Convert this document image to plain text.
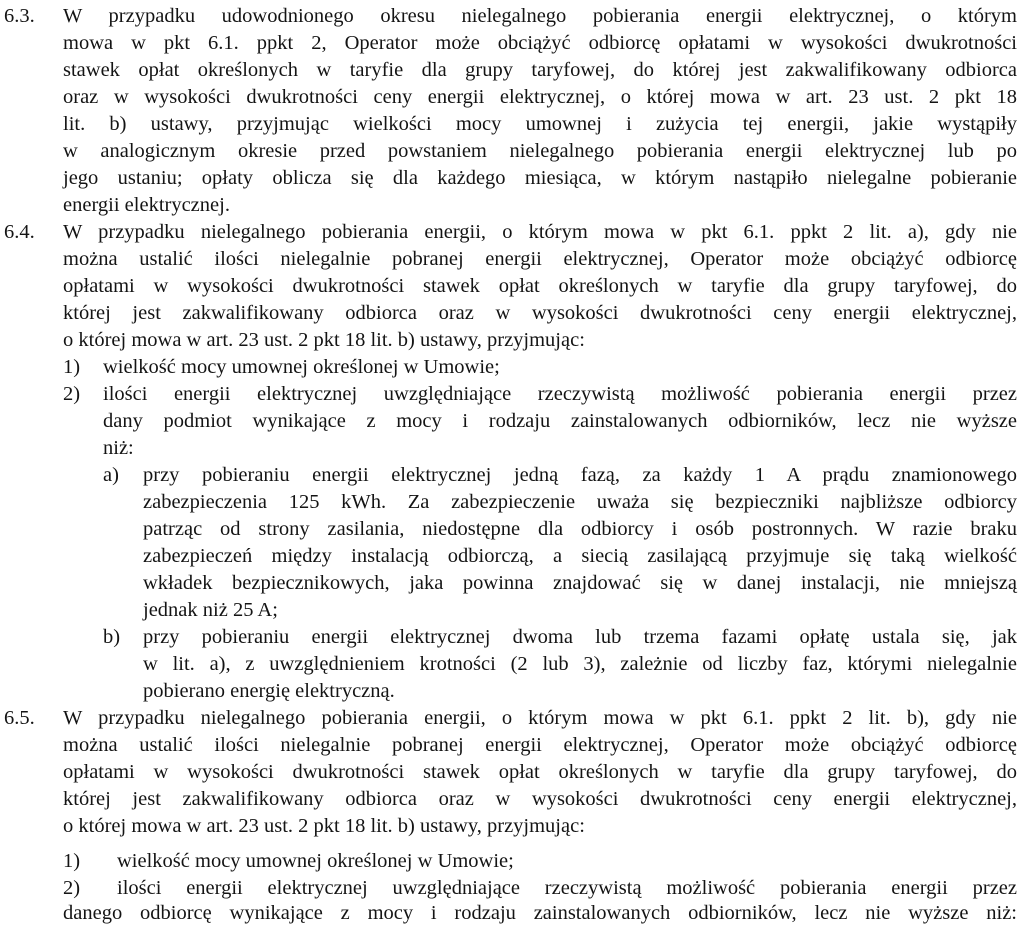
6.3. W przypadku udowodnionego okresu nielegalnego pobierania energii elektrycznej, o którym
mowa w pkt 6.1. ppkt 2, Operator może obciążyć odbiorcę opłatami w wysokości dwukrotności
stawek opłat określonych w taryfie dla grupy taryfowej, do której jest zakwalifikowany odbiorca
oraz w wysokości dwukrotności ceny energii elektrycznej, o której mowa w art. 23 ust. 2 pkt 18
lit. b) ustawy, przyjmując wielkości mocy umownej i zużycia tej energii, jakie wystąpiły
w analogicznym okresie przed powstaniem nielegalnego pobierania energii elektrycznej lub po
jego ustaniu; opłaty oblicza się dla każdego miesiąca, w którym nastąpiło nielegalne pobieranie
energii elektrycznej.
6.4. W przypadku nielegalnego pobierania energii, o którym mowa w pkt 6.1. ppkt 2 lit. a), gdy nie
można ustalić ilości nielegalnie pobranej energii elektrycznej, Operator może obciążyć odbiorcę
opłatami w wysokości dwukrotności stawek opłat określonych w taryfie dla grupy taryfowej, do
której jest zakwalifikowany odbiorca oraz w wysokości dwukrotności ceny energii elektrycznej,
o której mowa w art. 23 ust. 2 pkt 18 lit. b) ustawy, przyjmując:
1) wielkość mocy umownej określonej w Umowie;
2) ilości energii elektrycznej uwzględniające rzeczywistą możliwość pobierania energii przez
dany podmiot wynikające z mocy i rodzaju zainstalowanych odbiorników, lecz nie wyższe
niż:
a) przy pobieraniu energii elektrycznej jedną fazą, za każdy 1 A prądu znamionowego
zabezpieczenia 125 kWh. Za zabezpieczenie uważa się bezpieczniki najbliższe odbiorcy
patrząc od strony zasilania, niedostępne dla odbiorcy i osób postronnych. W razie braku
zabezpieczeń między instalacją odbiorczą, a siecią zasilającą przyjmuje się taką wielkość
wkładek bezpiecznikowych, jaka powinna znajdować się w danej instalacji, nie mniejszą
jednak niż 25 A;
b) przy pobieraniu energii elektrycznej dwoma lub trzema fazami opłatę ustala się, jak
w lit. a), z uwzględnieniem krotności (2 lub 3), zależnie od liczby faz, którymi nielegalnie
pobierano energię elektryczną.
6.5. W przypadku nielegalnego pobierania energii, o którym mowa w pkt 6.1. ppkt 2 lit. b), gdy nie
można ustalić ilości nielegalnie pobranej energii elektrycznej, Operator może obciążyć odbiorcę
opłatami w wysokości dwukrotności stawek opłat określonych w taryfie dla grupy taryfowej, do
której jest zakwalifikowany odbiorca oraz w wysokości dwukrotności ceny energii elektrycznej,
o której mowa w art. 23 ust. 2 pkt 18 lit. b) ustawy, przyjmując:
1) wielkość mocy umownej określonej w Umowie;
2) ilości energii elektrycznej uwzględniające rzeczywistą możliwość pobierania energii przez
danego odbiorcę wynikające z mocy i rodzaju zainstalowanych odbiorników, lecz nie wyższe niż:
